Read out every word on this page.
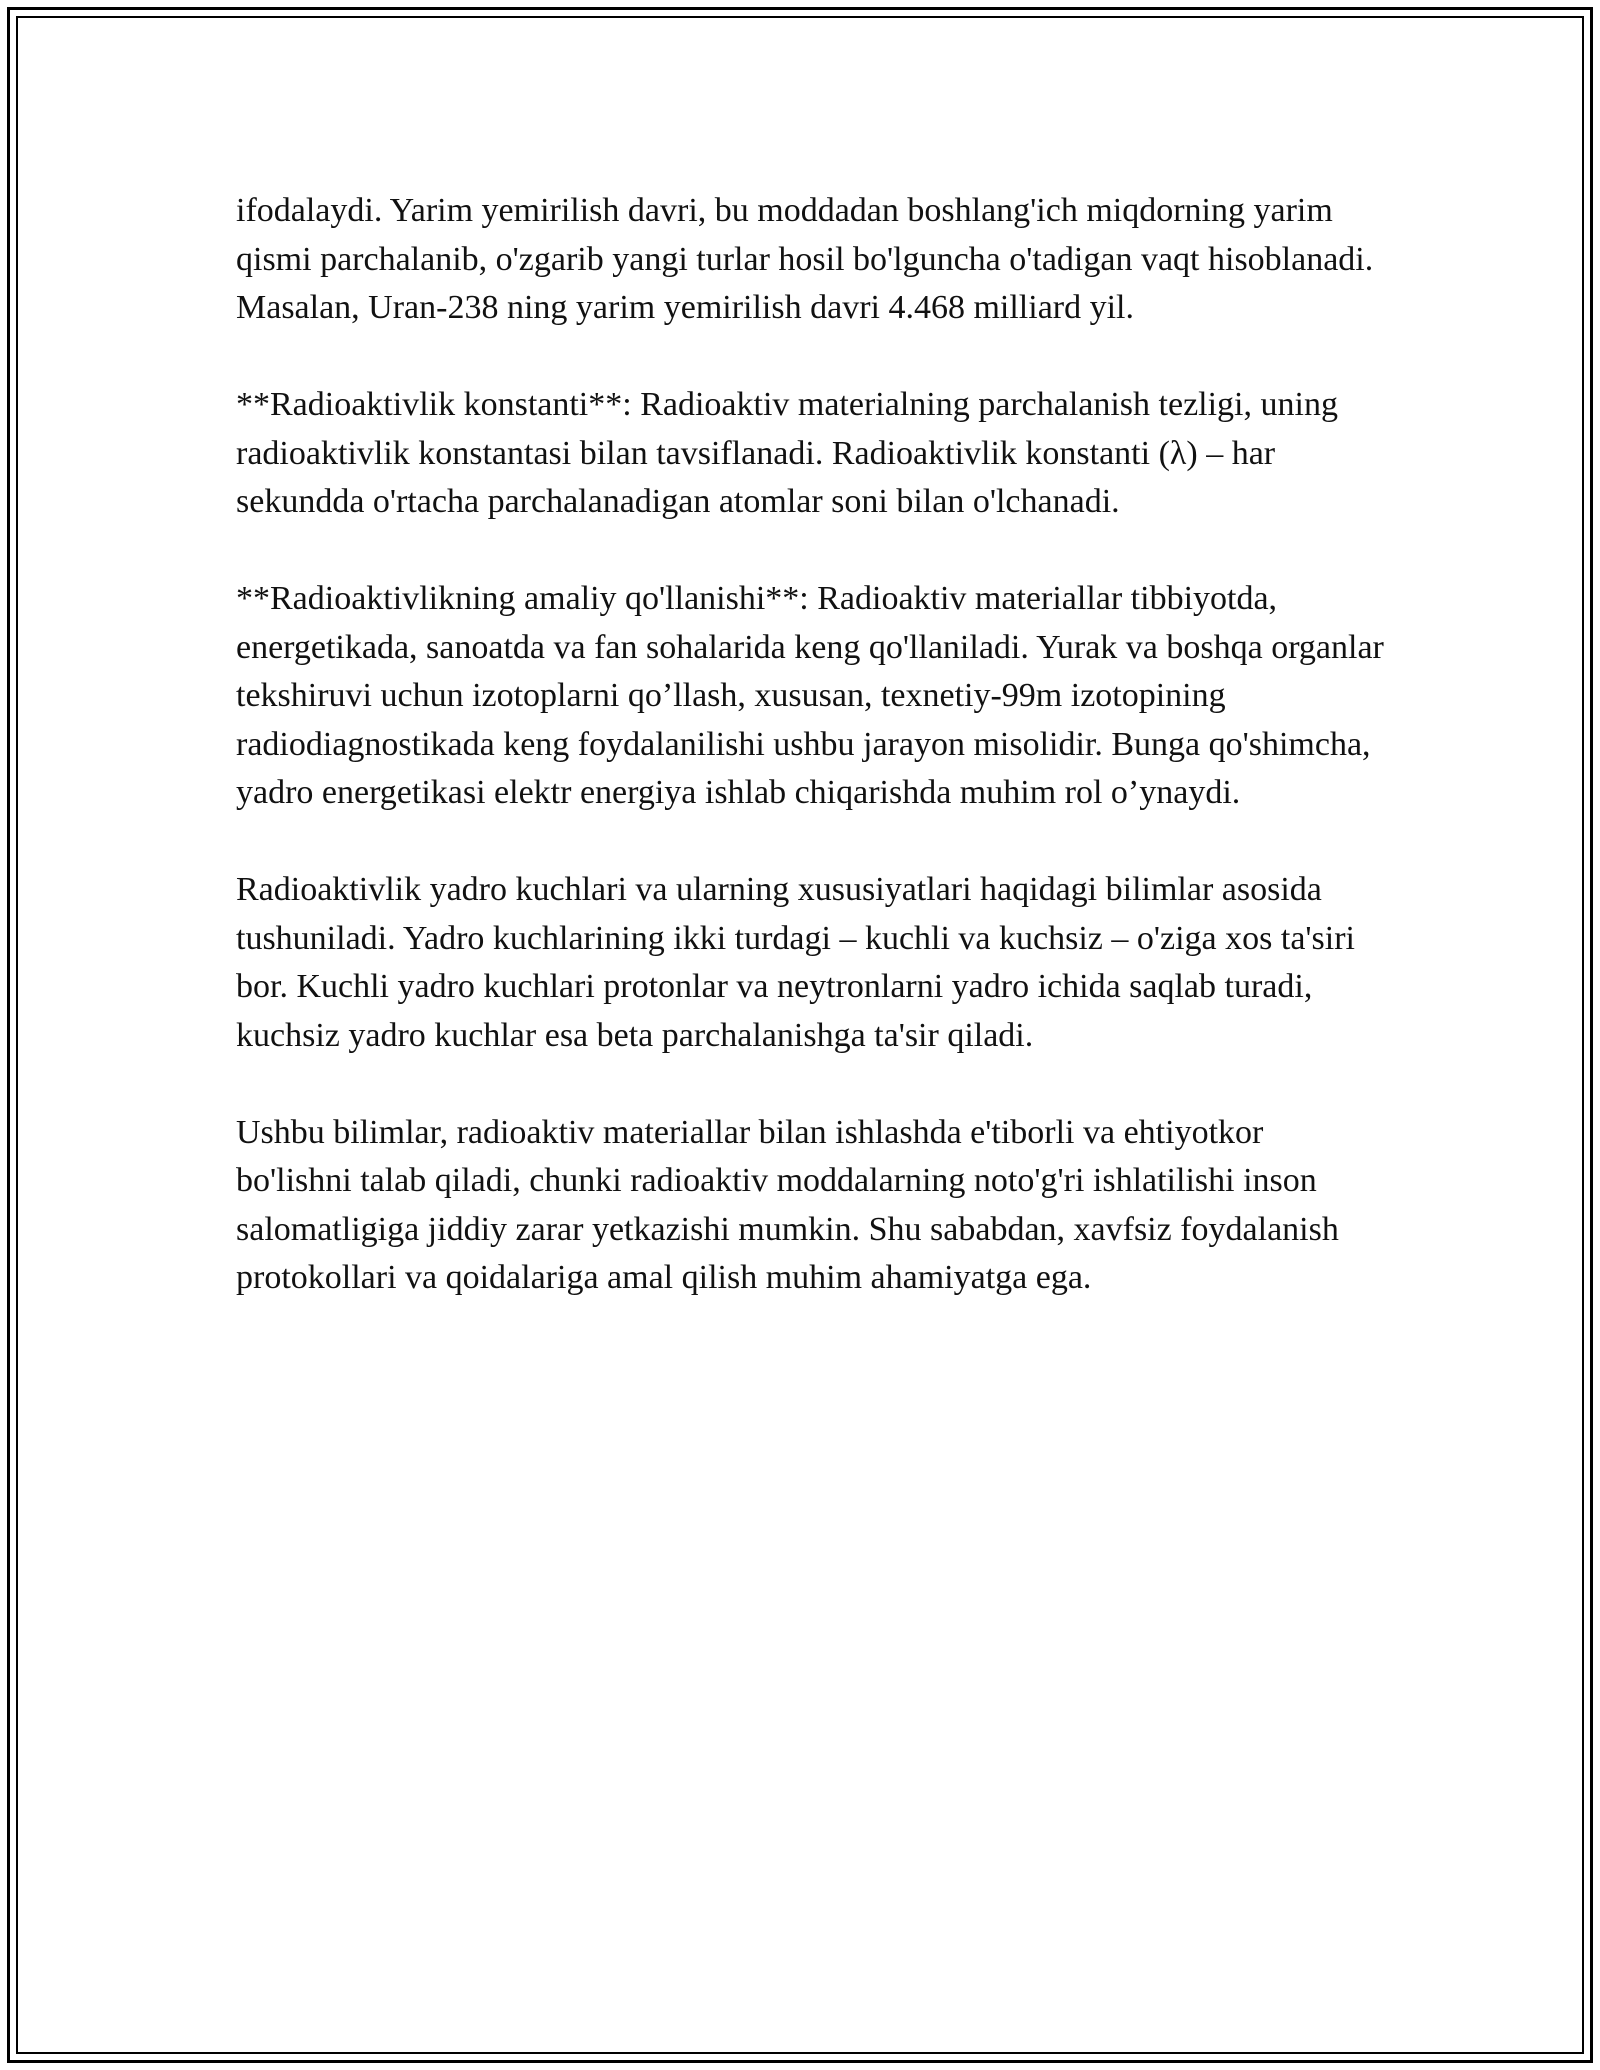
ifodalaydi. Yarim yemirilish davri, bu moddadan boshlang'ich miqdorning yarim qismi parchalanib, o'zgarib yangi turlar hosil bo'lguncha o'tadigan vaqt hisoblanadi. Masalan, Uran-238 ning yarim yemirilish davri 4.468 milliard yil.

**Radioaktivlik konstanti**: Radioaktiv materialning parchalanish tezligi, uning radioaktivlik konstantasi bilan tavsiflanadi. Radioaktivlik konstanti (λ) – har sekundda o'rtacha parchalanadigan atomlar soni bilan o'lchanadi.

**Radioaktivlikning amaliy qo'llanishi**: Radioaktiv materiallar tibbiyotda, energetikada, sanoatda va fan sohalarida keng qo'llaniladi. Yurak va boshqa organlar tekshiruvi uchun izotoplarni qo’llash, xususan, texnetiy-99m izotopining radiodiagnostikada keng foydalanilishi ushbu jarayon misolidir. Bunga qo'shimcha, yadro energetikasi elektr energiya ishlab chiqarishda muhim rol o’ynaydi.

Radioaktivlik yadro kuchlari va ularning xususiyatlari haqidagi bilimlar asosida tushuniladi. Yadro kuchlarining ikki turdagi – kuchli va kuchsiz – o'ziga xos ta'siri bor. Kuchli yadro kuchlari protonlar va neytronlarni yadro ichida saqlab turadi, kuchsiz yadro kuchlar esa beta parchalanishga ta'sir qiladi.

Ushbu bilimlar, radioaktiv materiallar bilan ishlashda e'tiborli va ehtiyotkor bo'lishni talab qiladi, chunki radioaktiv moddalarning noto'g'ri ishlatilishi inson salomatligiga jiddiy zarar yetkazishi mumkin. Shu sababdan, xavfsiz foydalanish protokollari va qoidalariga amal qilish muhim ahamiyatga ega.
